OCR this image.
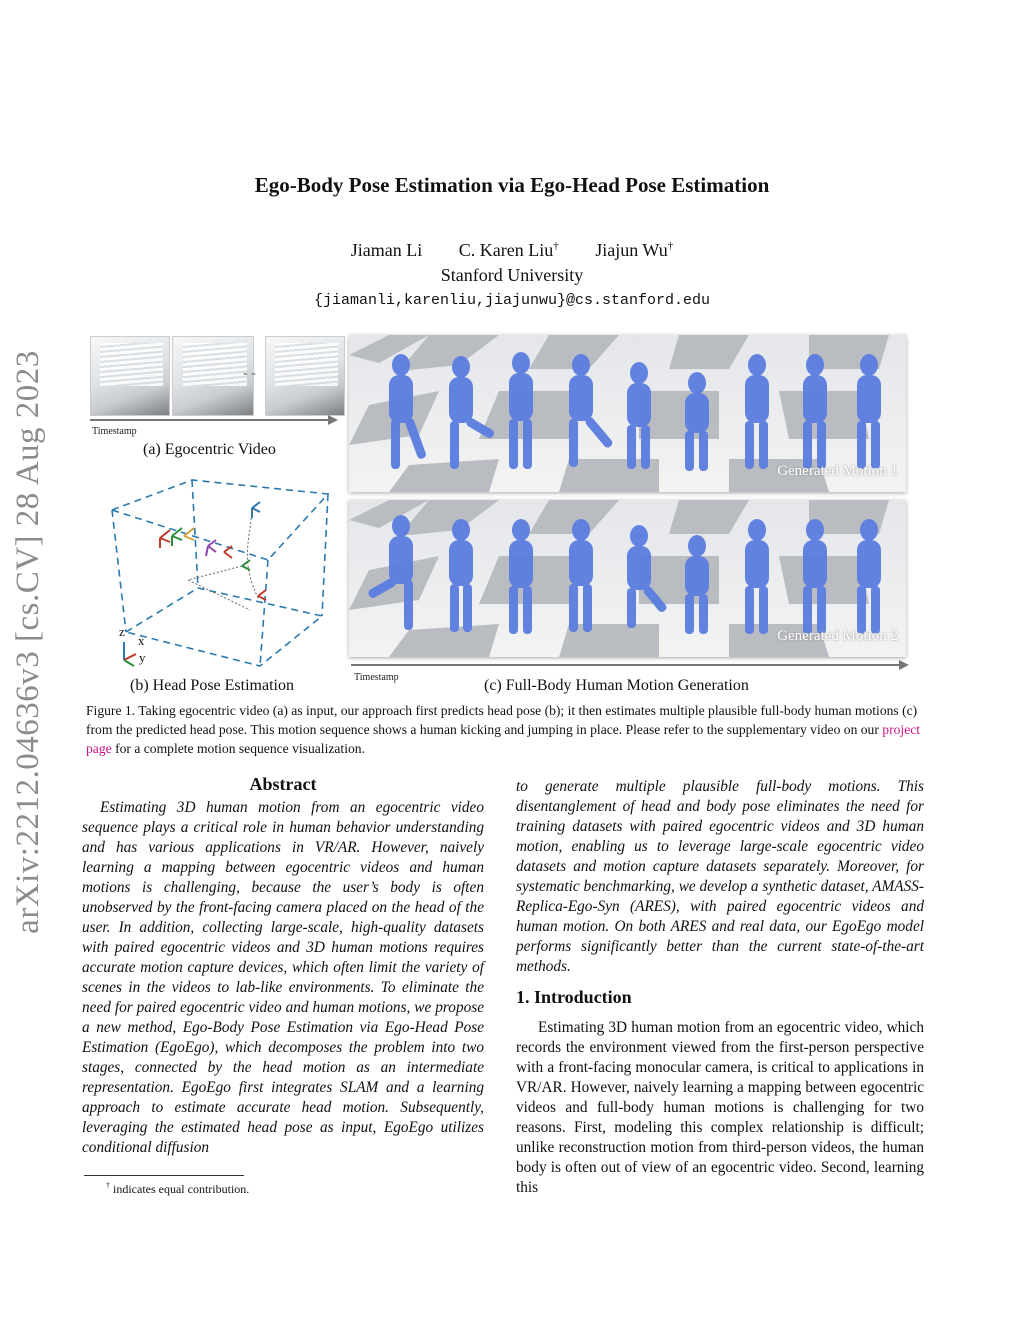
arXiv:2212.04636v3 [cs.CV] 28 Aug 2023
Ego-Body Pose Estimation via Ego-Head Pose Estimation
Jiaman Li C. Karen Liu† Jiajun Wu†
Stanford University
{jiamanli,karenliu,jiajunwu}@cs.stanford.edu
- -
Timestamp
(a) Egocentric Video
z
x
y
(b) Head Pose Estimation
Generated Motion 1
Generated Motion 2
Timestamp	(c) Full-Body Human Motion Generation
Figure 1. Taking egocentric video (a) as input, our approach first predicts head pose (b); it then estimates multiple plausible full-body human motions (c) from the predicted head pose. This motion sequence shows a human kicking and jumping in place. Please refer to the supplementary video on our project page for a complete motion sequence visualization.
Abstract
Estimating 3D human motion from an egocentric video sequence plays a critical role in human behavior understanding and has various applications in VR/AR. However, naively learning a mapping between egocentric videos and human motions is challenging, because the user’s body is often unobserved by the front-facing camera placed on the head of the user. In addition, collecting large-scale, high-quality datasets with paired egocentric videos and 3D human motions requires accurate motion capture devices, which often limit the variety of scenes in the videos to lab-like environments. To eliminate the need for paired egocentric video and human motions, we propose a new method, Ego-Body Pose Estimation via Ego-Head Pose Estimation (EgoEgo), which decomposes the problem into two stages, connected by the head motion as an intermediate representation. EgoEgo first integrates SLAM and a learning approach to estimate accurate head motion. Subsequently, leveraging the estimated head pose as input, EgoEgo utilizes conditional diffusion
to generate multiple plausible full-body motions. This disentanglement of head and body pose eliminates the need for training datasets with paired egocentric videos and 3D human motion, enabling us to leverage large-scale egocentric video datasets and motion capture datasets separately. Moreover, for systematic benchmarking, we develop a synthetic dataset, AMASS-Replica-Ego-Syn (ARES), with paired egocentric videos and human motion. On both ARES and real data, our EgoEgo model performs significantly better than the current state-of-the-art methods.
1. Introduction
Estimating 3D human motion from an egocentric video, which records the environment viewed from the first-person perspective with a front-facing monocular camera, is critical to applications in VR/AR. However, naively learning a mapping between egocentric videos and full-body human motions is challenging for two reasons. First, modeling this complex relationship is difficult; unlike reconstruction motion from third-person videos, the human body is often out of view of an egocentric video. Second, learning this
† indicates equal contribution.
